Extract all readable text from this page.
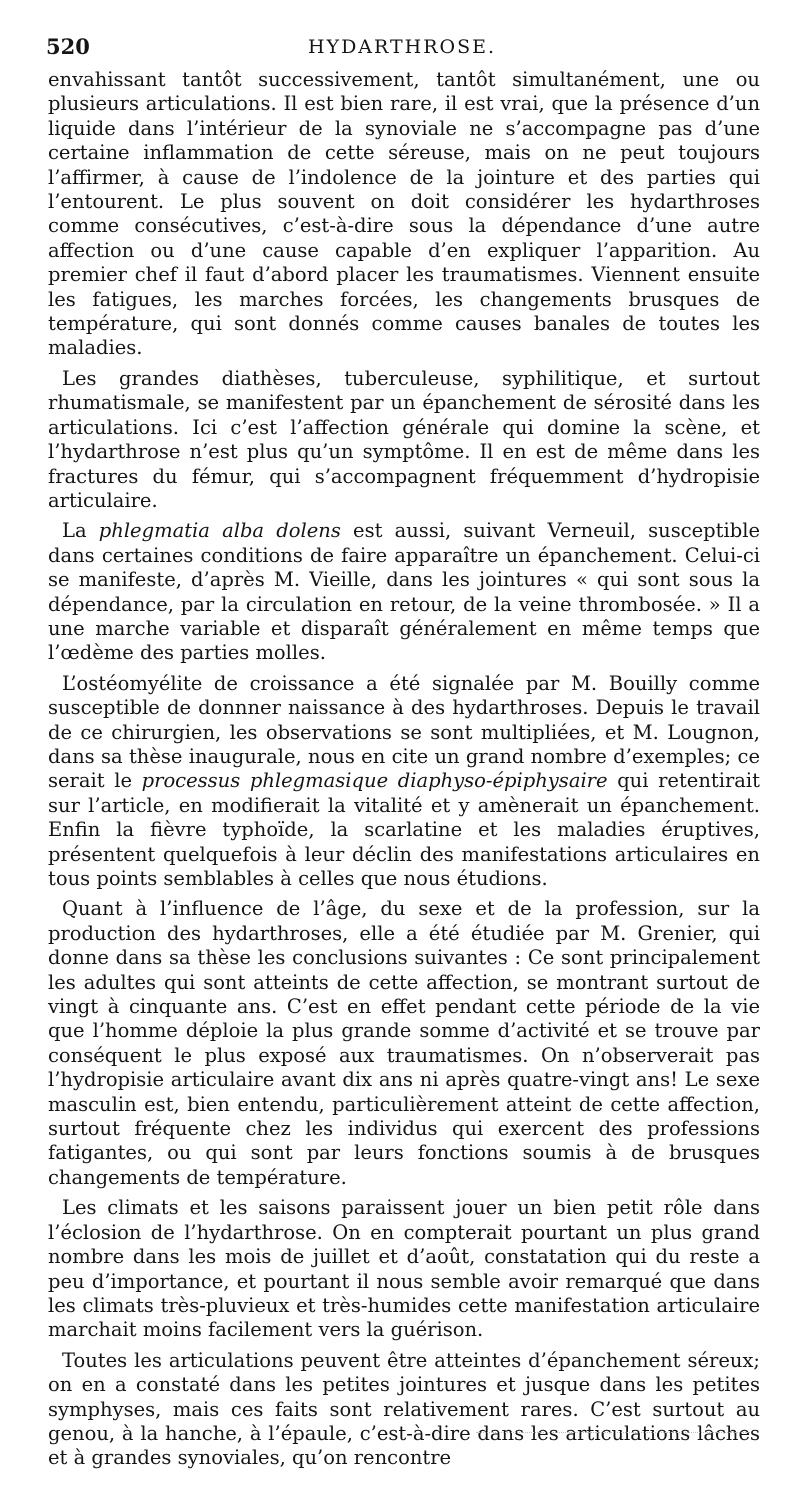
520	HYDARTHROSE.

envahissant tantôt successivement, tantôt simultanément, une ou plusieurs articulations. Il est bien rare, il est vrai, que la présence d’un liquide dans l’intérieur de la synoviale ne s’accompagne pas d’une certaine inflammation de cette séreuse, mais on ne peut toujours l’affirmer, à cause de l’indolence de la jointure et des parties qui l’entourent. Le plus souvent on doit considérer les hydarthroses comme consécutives, c’est-à-dire sous la dépendance d’une autre affection ou d’une cause capable d’en expliquer l’apparition. Au premier chef il faut d’abord placer les traumatismes. Viennent ensuite les fatigues, les marches forcées, les changements brusques de température, qui sont donnés comme causes banales de toutes les maladies.

Les grandes diathèses, tuberculeuse, syphilitique, et surtout rhumatismale, se manifestent par un épanchement de sérosité dans les articulations. Ici c’est l’affection générale qui domine la scène, et l’hydarthrose n’est plus qu’un symptôme. Il en est de même dans les fractures du fémur, qui s’accompagnent fréquemment d’hydropisie articulaire.

La phlegmatia alba dolens est aussi, suivant Verneuil, susceptible dans certaines conditions de faire apparaître un épanchement. Celui-ci se manifeste, d’après M. Vieille, dans les jointures « qui sont sous la dépendance, par la circulation en retour, de la veine thrombosée. » Il a une marche variable et disparaît généralement en même temps que l’œdème des parties molles.

L’ostéomyélite de croissance a été signalée par M. Bouilly comme susceptible de donnner naissance à des hydarthroses. Depuis le travail de ce chirurgien, les observations se sont multipliées, et M. Lougnon, dans sa thèse inaugurale, nous en cite un grand nombre d’exemples; ce serait le processus phlegmasique diaphyso-épiphysaire qui retentirait sur l’article, en modifierait la vitalité et y amènerait un épanchement. Enfin la fièvre typhoïde, la scarlatine et les maladies éruptives, présentent quelquefois à leur déclin des manifestations articulaires en tous points semblables à celles que nous étudions.

Quant à l’influence de l’âge, du sexe et de la profession, sur la production des hydarthroses, elle a été étudiée par M. Grenier, qui donne dans sa thèse les conclusions suivantes : Ce sont principalement les adultes qui sont atteints de cette affection, se montrant surtout de vingt à cinquante ans. C’est en effet pendant cette période de la vie que l’homme déploie la plus grande somme d’activité et se trouve par conséquent le plus exposé aux traumatismes. On n’observerait pas l’hydropisie articulaire avant dix ans ni après quatre-vingt ans! Le sexe masculin est, bien entendu, particulièrement atteint de cette affection, surtout fréquente chez les individus qui exercent des professions fatigantes, ou qui sont par leurs fonctions soumis à de brusques changements de température.

Les climats et les saisons paraissent jouer un bien petit rôle dans l’éclosion de l’hydarthrose. On en compterait pourtant un plus grand nombre dans les mois de juillet et d’août, constatation qui du reste a peu d’importance, et pourtant il nous semble avoir remarqué que dans les climats très-pluvieux et très-humides cette manifestation articulaire marchait moins facilement vers la guérison.

Toutes les articulations peuvent être atteintes d’épanchement séreux; on en a constaté dans les petites jointures et jusque dans les petites symphyses, mais ces faits sont relativement rares. C’est surtout au genou, à la hanche, à l’épaule, c’est-à-dire dans les articulations lâches et à grandes synoviales, qu’on rencontre
